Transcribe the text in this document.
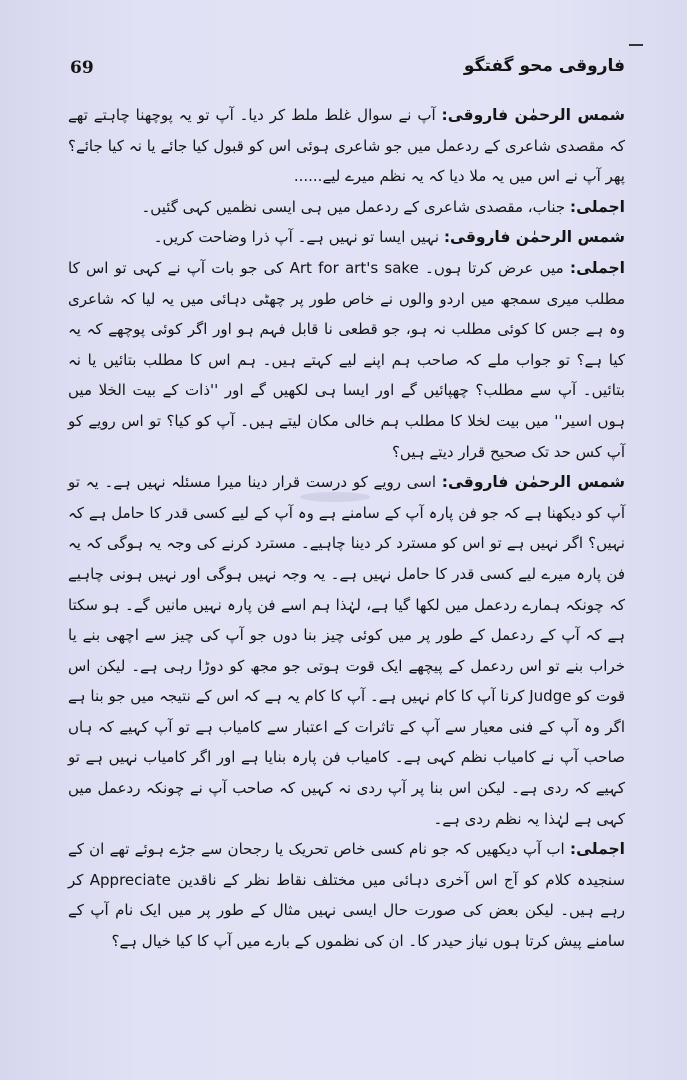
69	فاروقی محو گفتگو

شمس الرحمٰن فاروقی: آپ نے سوال غلط ملط کر دیا۔ آپ تو یہ پوچھنا چاہتے تھے کہ مقصدی شاعری کے ردعمل میں جو شاعری ہوئی اس کو قبول کیا جائے یا نہ کیا جائے؟ پھر آپ نے اس میں یہ ملا دیا کہ یہ نظم میرے لیے......

اجملی: جناب، مقصدی شاعری کے ردعمل میں ہی ایسی نظمیں کہی گئیں۔

شمس الرحمٰن فاروقی: نہیں ایسا تو نہیں ہے۔ آپ ذرا وضاحت کریں۔

اجملی: میں عرض کرتا ہوں۔ Art for art's sake کی جو بات آپ نے کہی تو اس کا مطلب میری سمجھ میں اردو والوں نے خاص طور پر چھٹی دہائی میں یہ لیا کہ شاعری وہ ہے جس کا کوئی مطلب نہ ہو، جو قطعی نا قابل فہم ہو اور اگر کوئی پوچھے کہ یہ کیا ہے؟ تو جواب ملے کہ صاحب ہم اپنے لیے کہتے ہیں۔ ہم اس کا مطلب بتائیں یا نہ بتائیں۔ آپ سے مطلب؟ چھپائیں گے اور ایسا ہی لکھیں گے اور ''ذات کے بیت الخلا میں ہوں اسیر'' میں بیت لخلا کا مطلب ہم خالی مکان لیتے ہیں۔ آپ کو کیا؟ تو اس رویے کو آپ کس حد تک صحیح قرار دیتے ہیں؟

شمس الرحمٰن فاروقی: اسی رویے کو درست قرار دینا میرا مسئلہ نہیں ہے۔ یہ تو آپ کو دیکھنا ہے کہ جو فن پارہ آپ کے سامنے ہے وہ آپ کے لیے کسی قدر کا حامل ہے کہ نہیں؟ اگر نہیں ہے تو اس کو مسترد کر دینا چاہیے۔ مسترد کرنے کی وجہ یہ ہوگی کہ یہ فن پارہ میرے لیے کسی قدر کا حامل نہیں ہے۔ یہ وجہ نہیں ہوگی اور نہیں ہونی چاہیے کہ چونکہ ہمارے ردعمل میں لکھا گیا ہے، لہٰذا ہم اسے فن پارہ نہیں مانیں گے۔ ہو سکتا ہے کہ آپ کے ردعمل کے طور پر میں کوئی چیز بنا دوں جو آپ کی چیز سے اچھی بنے یا خراب بنے تو اس ردعمل کے پیچھے ایک قوت ہوتی جو مجھ کو دوڑا رہی ہے۔ لیکن اس قوت کو Judge کرنا آپ کا کام نہیں ہے۔ آپ کا کام یہ ہے کہ اس کے نتیجہ میں جو بنا ہے اگر وہ آپ کے فنی معیار سے آپ کے تاثرات کے اعتبار سے کامیاب ہے تو آپ کہیے کہ ہاں صاحب آپ نے کامیاب نظم کہی ہے۔ کامیاب فن پارہ بنایا ہے اور اگر کامیاب نہیں ہے تو کہیے کہ ردی ہے۔ لیکن اس بنا پر آپ ردی نہ کہیں کہ صاحب آپ نے چونکہ ردعمل میں کہی ہے لہٰذا یہ نظم ردی ہے۔

اجملی: اب آپ دیکھیں کہ جو نام کسی خاص تحریک یا رجحان سے جڑے ہوئے تھے ان کے سنجیدہ کلام کو آج اس آخری دہائی میں مختلف نقاط نظر کے ناقدین Appreciate کر رہے ہیں۔ لیکن بعض کی صورت حال ایسی نہیں مثال کے طور پر میں ایک نام آپ کے سامنے پیش کرتا ہوں نیاز حیدر کا۔ ان کی نظموں کے بارے میں آپ کا کیا خیال ہے؟
